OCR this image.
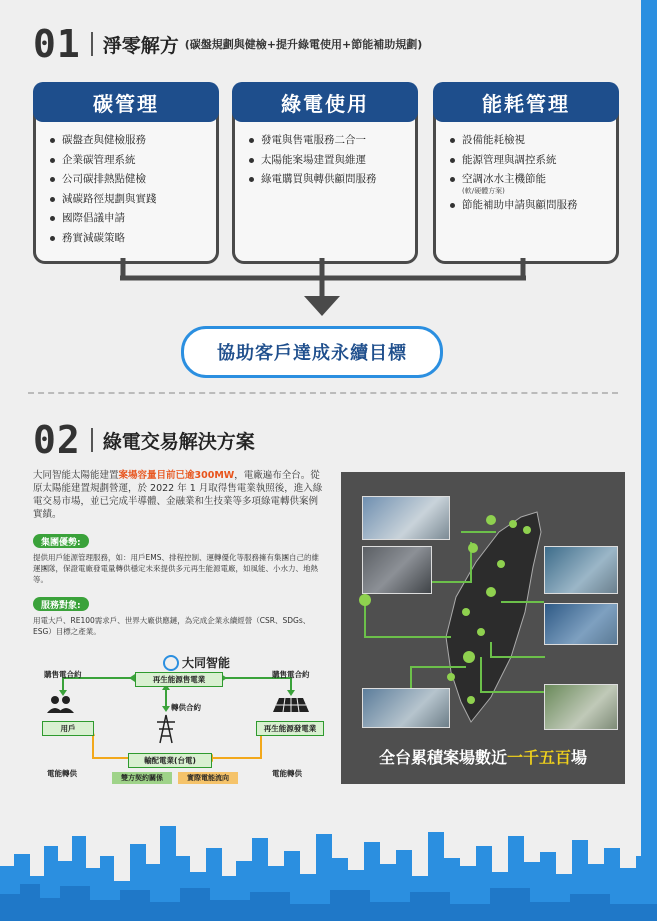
01 淨零解方 (碳盤規劃與健檢+提升綠電使用+節能補助規劃)
碳管理
碳盤查與健檢服務
企業碳管理系統
公司碳排熱點健檢
減碳路徑規劃與實踐
國際倡議申請
務實減碳策略
綠電使用
發電與售電服務二合一
太陽能案場建置與維運
綠電購買與轉供顧問服務
能耗管理
設備能耗檢視
能源管理與調控系統
空調冰水主機節能
(軟/硬體方案)
節能補助申請與顧問服務
協助客戶達成永續目標
02 綠電交易解決方案
大同智能太陽能建置案場容量目前已逾300MW，電廠遍布全台。從原太陽能建置規劃營運，於 2022 年 1 月取得售電業執照後，進入綠電交易市場，並已完成半導體、金融業和生技業等多項綠電轉供案例實績。
集團優勢:
提供用戶能源管理服務，如：用戶EMS、排程控制、運轉優化等服務擁有集團自己的維運團隊，保證電廠發電量轉供穩定未來提供多元再生能源電廠，如風能、小水力、地熱等。
服務對象:
用電大戶、RE100需求戶、世界大廠供應鏈，為完成企業永續經營（CSR、SDGs、ESG）目標之產業。
大同智能
購售電合約	購售電合約
再生能源售電業
轉供合約
用戶	再生能源發電業
輸配電業(台電)
電能轉供	電能轉供
雙方契約關係	實際電能流向
全台累積案場數近一千五百場
